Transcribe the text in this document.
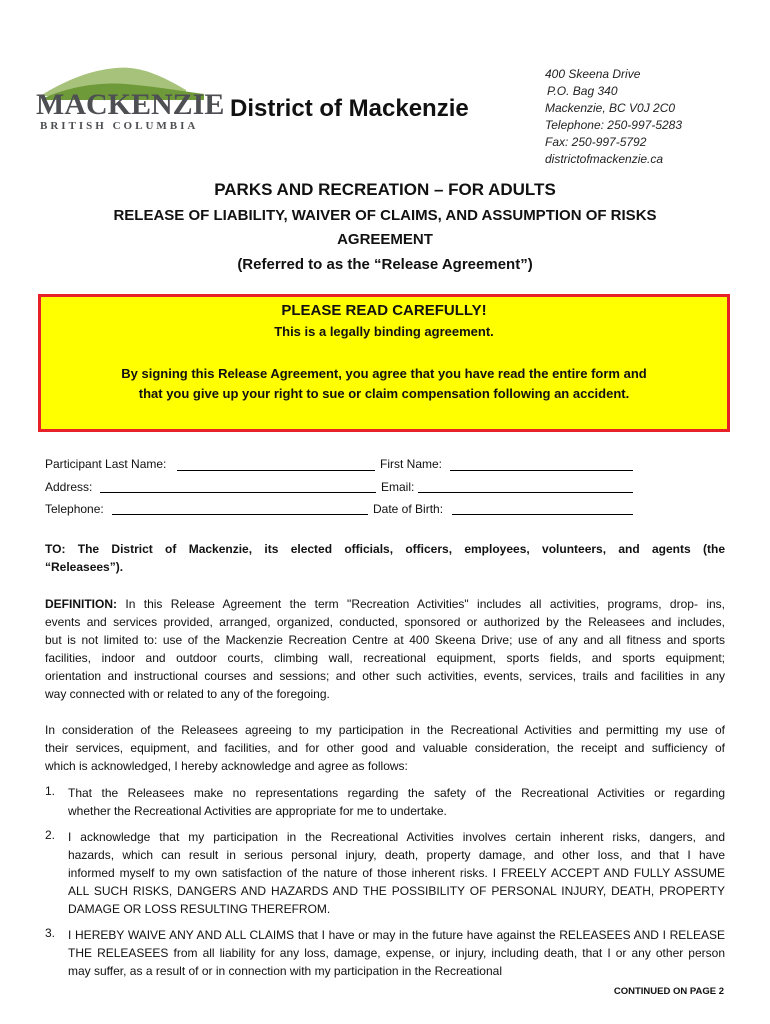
MACKENZIE
BRITISH COLUMBIA
District of Mackenzie
400 Skeena Drive
P.O. Bag 340
Mackenzie, BC V0J 2C0
Telephone: 250-997-5283
Fax: 250-997-5792
districtofmackenzie.ca
PARKS AND RECREATION – FOR ADULTS
RELEASE OF LIABILITY, WAIVER OF CLAIMS, AND ASSUMPTION OF RISKS
AGREEMENT
(Referred to as the “Release Agreement”)
PLEASE READ CAREFULLY!
This is a legally binding agreement.
By signing this Release Agreement, you agree that you have read the entire form and
that you give up your right to sue or claim compensation following an accident.
Participant Last Name:	First Name:
Address:	Email:
Telephone:	Date of Birth:
TO: The District of Mackenzie, its elected officials, officers, employees, volunteers, and agents (the
“Releasees”).
DEFINITION: In this Release Agreement the term "Recreation Activities" includes all activities, programs, drop- ins,
events and services provided, arranged, organized, conducted, sponsored or authorized by the Releasees and includes,
but is not limited to: use of the Mackenzie Recreation Centre at 400 Skeena Drive; use of any and all fitness and sports
facilities, indoor and outdoor courts, climbing wall, recreational equipment, sports fields, and sports equipment;
orientation and instructional courses and sessions; and other such activities, events, services, trails and facilities in any
way connected with or related to any of the foregoing.
In consideration of the Releasees agreeing to my participation in the Recreational Activities and permitting my use of
their services, equipment, and facilities, and for other good and valuable consideration, the receipt and sufficiency of
which is acknowledged, I hereby acknowledge and agree as follows:
1. That the Releasees make no representations regarding the safety of the Recreational Activities or regarding
whether the Recreational Activities are appropriate for me to undertake.
2. I acknowledge that my participation in the Recreational Activities involves certain inherent risks, dangers, and
hazards, which can result in serious personal injury, death, property damage, and other loss, and that I have
informed myself to my own satisfaction of the nature of those inherent risks. I FREELY ACCEPT AND FULLY ASSUME
ALL SUCH RISKS, DANGERS AND HAZARDS AND THE POSSIBILITY OF PERSONAL INJURY, DEATH, PROPERTY
DAMAGE OR LOSS RESULTING THEREFROM.
3. I HEREBY WAIVE ANY AND ALL CLAIMS that I have or may in the future have against the RELEASEES AND I RELEASE
THE RELEASEES from all liability for any loss, damage, expense, or injury, including death, that I or any other person
may suffer, as a result of or in connection with my participation in the Recreational
CONTINUED ON PAGE 2
